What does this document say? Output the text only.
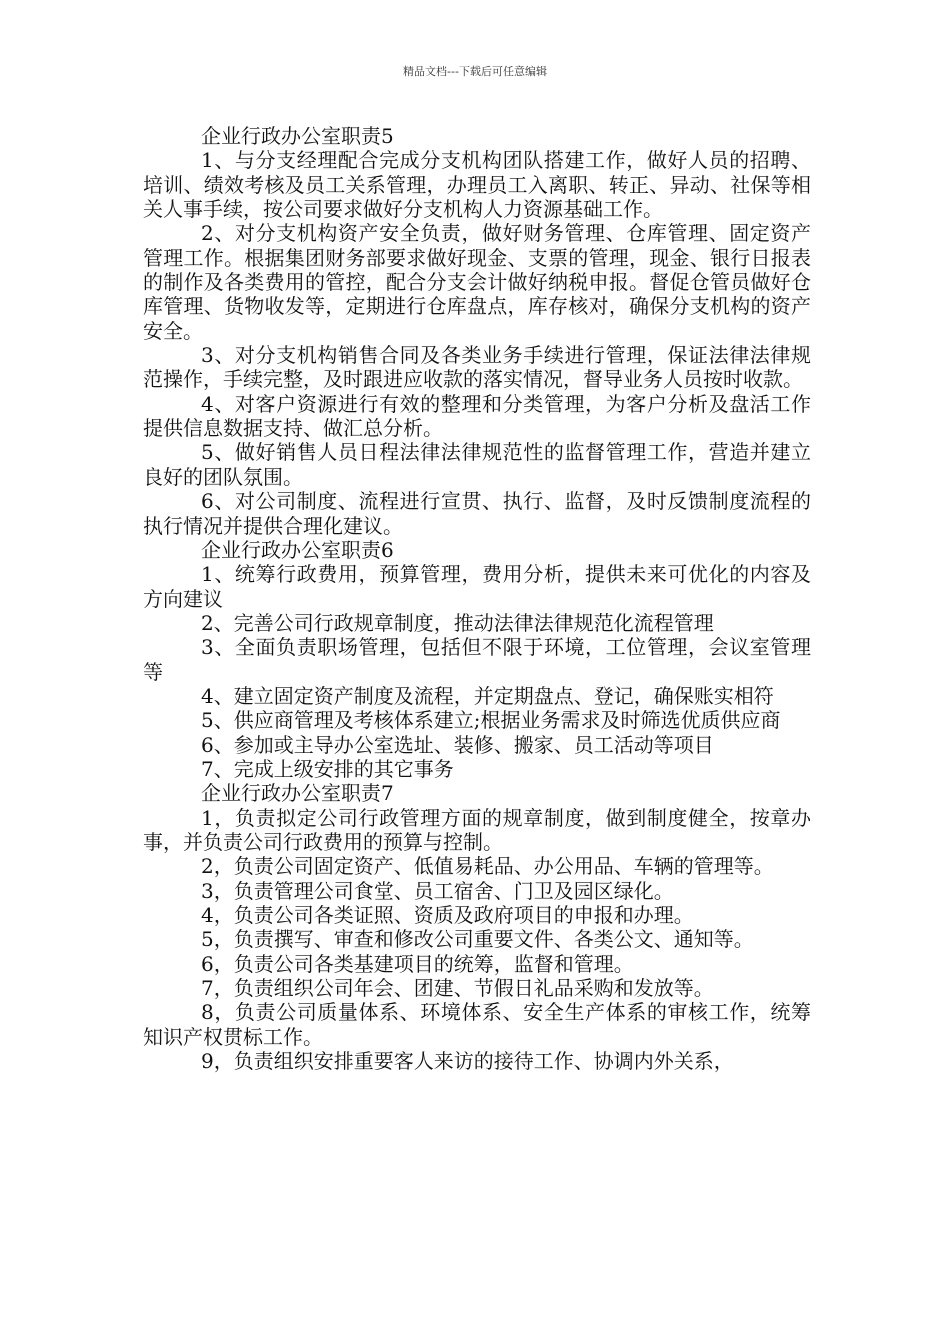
精品文档---下载后可任意编辑

企业行政办公室职责5

1、与分支经理配合完成分支机构团队搭建工作，做好人员的招聘、培训、绩效考核及员工关系管理，办理员工入离职、转正、异动、社保等相关人事手续，按公司要求做好分支机构人力资源基础工作。

2、对分支机构资产安全负责，做好财务管理、仓库管理、固定资产管理工作。根据集团财务部要求做好现金、支票的管理，现金、银行日报表的制作及各类费用的管控，配合分支会计做好纳税申报。督促仓管员做好仓库管理、货物收发等，定期进行仓库盘点，库存核对，确保分支机构的资产安全。

3、对分支机构销售合同及各类业务手续进行管理，保证法律法律规范操作，手续完整，及时跟进应收款的落实情况，督导业务人员按时收款。

4、对客户资源进行有效的整理和分类管理，为客户分析及盘活工作提供信息数据支持、做汇总分析。

5、做好销售人员日程法律法律规范性的监督管理工作，营造并建立良好的团队氛围。

6、对公司制度、流程进行宣贯、执行、监督，及时反馈制度流程的执行情况并提供合理化建议。

企业行政办公室职责6

1、统筹行政费用，预算管理，费用分析，提供未来可优化的内容及方向建议

2、完善公司行政规章制度，推动法律法律规范化流程管理

3、全面负责职场管理，包括但不限于环境，工位管理，会议室管理等

4、建立固定资产制度及流程，并定期盘点、登记，确保账实相符

5、供应商管理及考核体系建立;根据业务需求及时筛选优质供应商

6、参加或主导办公室选址、装修、搬家、员工活动等项目

7、完成上级安排的其它事务

企业行政办公室职责7

1，负责拟定公司行政管理方面的规章制度，做到制度健全，按章办事，并负责公司行政费用的预算与控制。

2，负责公司固定资产、低值易耗品、办公用品、车辆的管理等。

3，负责管理公司食堂、员工宿舍、门卫及园区绿化。

4，负责公司各类证照、资质及政府项目的申报和办理。

5，负责撰写、审查和修改公司重要文件、各类公文、通知等。

6，负责公司各类基建项目的统筹，监督和管理。

7，负责组织公司年会、团建、节假日礼品采购和发放等。

8，负责公司质量体系、环境体系、安全生产体系的审核工作，统筹知识产权贯标工作。

9，负责组织安排重要客人来访的接待工作、协调内外关系，
